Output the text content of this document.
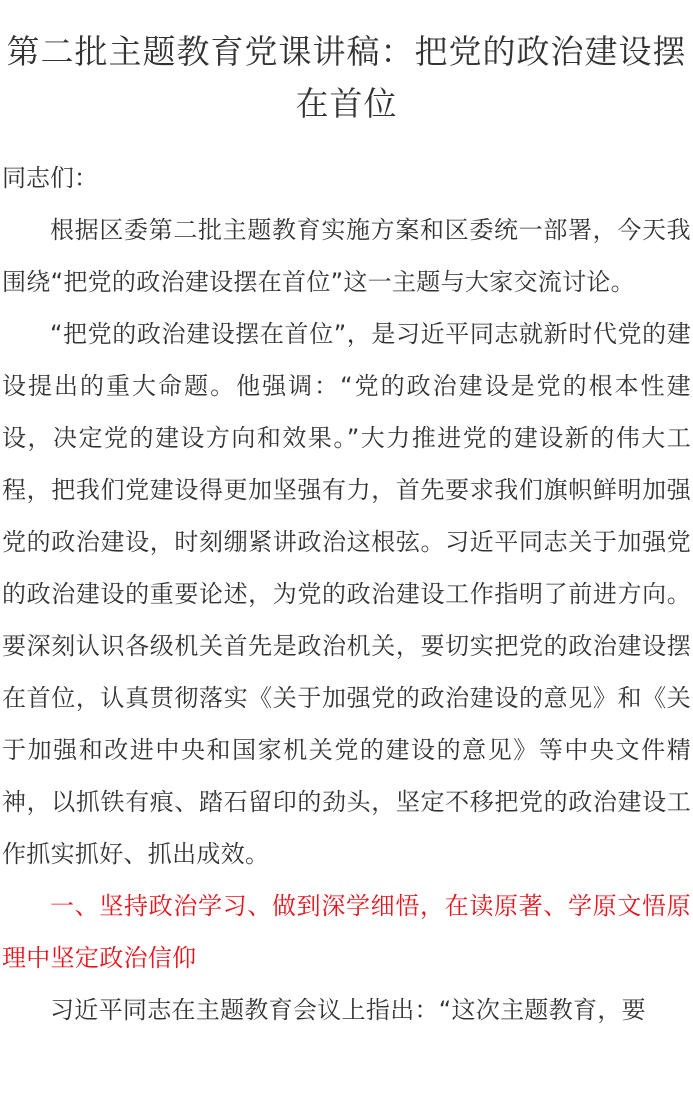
第二批主题教育党课讲稿：把党的政治建设摆在首位

同志们：

根据区委第二批主题教育实施方案和区委统一部署，今天我围绕“把党的政治建设摆在首位”这一主题与大家交流讨论。

“把党的政治建设摆在首位”，是习近平同志就新时代党的建设提出的重大命题。他强调：“党的政治建设是党的根本性建设，决定党的建设方向和效果。”大力推进党的建设新的伟大工程，把我们党建设得更加坚强有力，首先要求我们旗帜鲜明加强党的政治建设，时刻绷紧讲政治这根弦。习近平同志关于加强党的政治建设的重要论述，为党的政治建设工作指明了前进方向。要深刻认识各级机关首先是政治机关，要切实把党的政治建设摆在首位，认真贯彻落实《关于加强党的政治建设的意见》和《关于加强和改进中央和国家机关党的建设的意见》等中央文件精神，以抓铁有痕、踏石留印的劲头，坚定不移把党的政治建设工作抓实抓好、抓出成效。

一、坚持政治学习、做到深学细悟，在读原著、学原文悟原理中坚定政治信仰

习近平同志在主题教育会议上指出：“这次主题教育，要
